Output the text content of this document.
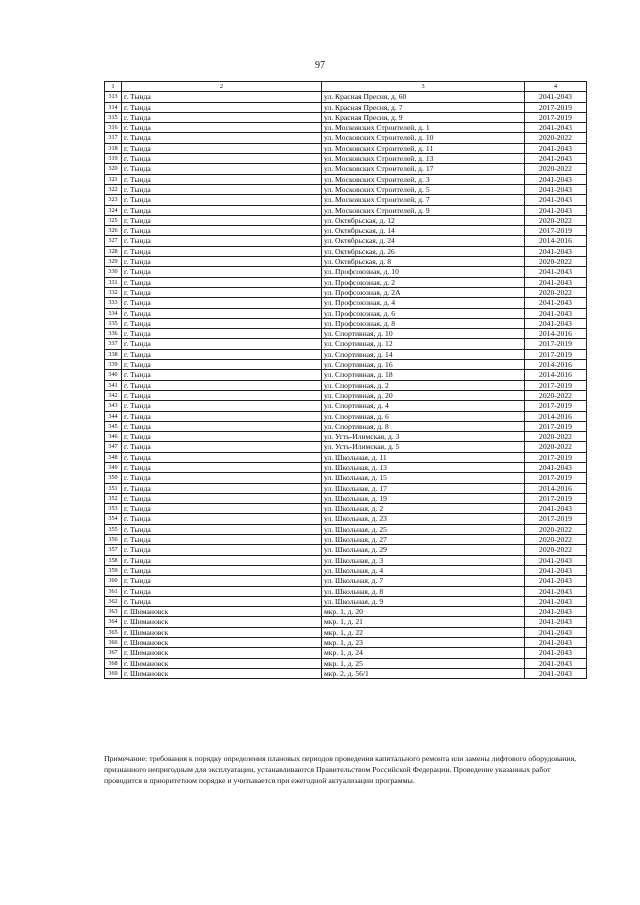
97
1	2	3	4
313	г. Тында	ул. Красная Пресня, д. 60	2041-2043
314	г. Тында	ул. Красная Пресня, д. 7	2017-2019
315	г. Тында	ул. Красная Пресня, д. 9	2017-2019
316	г. Тында	ул. Московских Строителей, д. 1	2041-2043
317	г. Тында	ул. Московских Строителей, д. 10	2020-2022
318	г. Тында	ул. Московских Строителей, д. 11	2041-2043
319	г. Тында	ул. Московских Строителей, д. 13	2041-2043
320	г. Тында	ул. Московских Строителей, д. 17	2020-2022
321	г. Тында	ул. Московских Строителей, д. 3	2041-2043
322	г. Тында	ул. Московских Строителей, д. 5	2041-2043
323	г. Тында	ул. Московских Строителей, д. 7	2041-2043
324	г. Тында	ул. Московских Строителей, д. 9	2041-2043
325	г. Тында	ул. Октябрьская, д. 12	2020-2022
326	г. Тында	ул. Октябрьская, д. 14	2017-2019
327	г. Тында	ул. Октябрьская, д. 24	2014-2016
328	г. Тында	ул. Октябрьская, д. 26	2041-2043
329	г. Тында	ул. Октябрьская, д. 8	2020-2022
330	г. Тында	ул. Профсоюзная, д. 10	2041-2043
331	г. Тында	ул. Профсоюзная, д. 2	2041-2043
332	г. Тында	ул. Профсоюзная, д. 2А	2020-2022
333	г. Тында	ул. Профсоюзная, д. 4	2041-2043
334	г. Тында	ул. Профсоюзная, д. 6	2041-2043
335	г. Тында	ул. Профсоюзная, д. 8	2041-2043
336	г. Тында	ул. Спортивная, д. 10	2014-2016
337	г. Тында	ул. Спортивная, д. 12	2017-2019
338	г. Тында	ул. Спортивная, д. 14	2017-2019
339	г. Тында	ул. Спортивная, д. 16	2014-2016
340	г. Тында	ул. Спортивная, д. 18	2014-2016
341	г. Тында	ул. Спортивная, д. 2	2017-2019
342	г. Тында	ул. Спортивная, д. 20	2020-2022
343	г. Тында	ул. Спортивная, д. 4	2017-2019
344	г. Тында	ул. Спортивная, д. 6	2014-2016
345	г. Тында	ул. Спортивная, д. 8	2017-2019
346	г. Тында	ул. Усть-Илимская, д. 3	2020-2022
347	г. Тында	ул. Усть-Илимская, д. 5	2020-2022
348	г. Тында	ул. Школьная, д. 11	2017-2019
349	г. Тында	ул. Школьная, д. 13	2041-2043
350	г. Тында	ул. Школьная, д. 15	2017-2019
351	г. Тында	ул. Школьная, д. 17	2014-2016
352	г. Тында	ул. Школьная, д. 19	2017-2019
353	г. Тында	ул. Школьная, д. 2	2041-2043
354	г. Тында	ул. Школьная, д. 23	2017-2019
355	г. Тында	ул. Школьная, д. 25	2020-2022
356	г. Тында	ул. Школьная, д. 27	2020-2022
357	г. Тында	ул. Школьная, д. 29	2020-2022
358	г. Тында	ул. Школьная, д. 3	2041-2043
359	г. Тында	ул. Школьная, д. 4	2041-2043
360	г. Тында	ул. Школьная, д. 7	2041-2043
361	г. Тында	ул. Школьная, д. 8	2041-2043
362	г. Тында	ул. Школьная, д. 9	2041-2043
363	г. Шимановск	мкр. 1, д. 20	2041-2043
364	г. Шимановск	мкр. 1, д. 21	2041-2043
365	г. Шимановск	мкр. 1, д. 22	2041-2043
366	г. Шимановск	мкр. 1, д. 23	2041-2043
367	г. Шимановск	мкр. 1, д. 24	2041-2043
368	г. Шимановск	мкр. 1, д. 25	2041-2043
369	г. Шимановск	мкр. 2, д. 56/1	2041-2043
Примечание: требования к порядку определения плановых периодов проведения капитального ремонта или замены лифтового оборудования, признанного непригодным для эксплуатации, устанавливаются Правительством Российской Федерации. Проведение указанных работ проводится в приоритетном порядке и учитывается при ежегодной актуализации программы.
